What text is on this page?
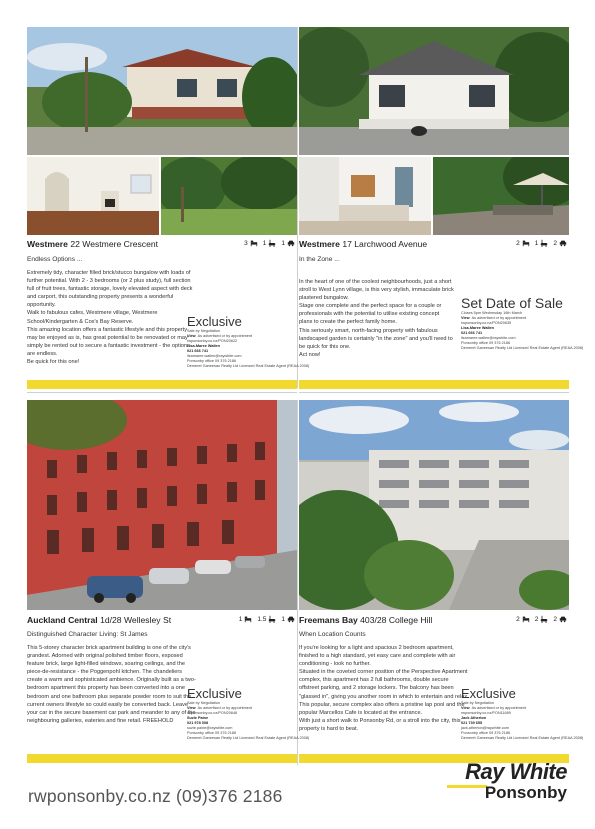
Westmere 22 Westmere Crescent	3 1 1
Endless Options ...

Extremely tidy, character filled brick/stucco bungalow with loads of further potential. With 2 - 3 bedrooms (or 2 plus study), full section full of fruit trees, fantastic storage, lovely elevated aspect with deck and carport, this outstanding property presents a wonderful opportunity.

Walk to fabulous cafes, Westmere village, Westmere School/Kindergarten & Cox's Bay Reserve.

This amazing location offers a fantastic lifestyle and this property may be enjoyed as is, has great potential to be renovated or may simply be rented out to secure a fantastic investment - the options are endless.

Be quick for this one!

Exclusive
Sale by Negotiation
View As advertised or by appointment
rwponsonby.co.nz/PON20622
Lisa-Maree Wallen
021 666 741
lisamaree.wallen@raywhite.com
Ponsonby office 09 376 2186
Demeret Ganeesan Realty Ltd Licensed Real Estate Agent (REAA 2008)
Westmere 17 Larchwood Avenue	2 1 2
In the Zone ...

In the heart of one of the coolest neighbourhoods, just a short stroll to West Lynn village, is this very stylish, immaculate brick plastered bungalow.

Stage one complete and the perfect space for a couple or professionals with the potential to utilise existing concept plans to create the perfect family home.

This seriously smart, north-facing property with fabulous landscaped garden is certainly "in the zone" and you'll need to be quick for this one.

Act now!

Set Date of Sale
Closes 5pm Wednesday 16th March
View As advertised or by appointment
rwponsonby.co.nz/PON20635
Lisa-Maree Wallen
021 666 741
lisamaree.wallen@raywhite.com
Ponsonby office 09 376 2186
Demeret Ganeesan Realty Ltd Licensed Real Estate Agent (REAA 2008)
Auckland Central 1d/28 Wellesley St	1 1.5 1
Distinguished Character Living: St James

This 5-storey character brick apartment building is one of the city's grandest. Adorned with original polished timber floors, exposed feature brick, large light-filled windows, soaring ceilings, and the piece-de-resistance - the Poggenpohl kitchen. The chandeliers create a warm and sophisticated ambience. Originally built as a two-bedroom apartment this property has been converted into a one bedroom and one bathroom plus separate powder room to suit the current owners lifestyle so could easily be converted back. Leave your car in the secure basement car park and meander to any of the neighbouring galleries, eateries and fine retail. FREEHOLD

Exclusive
Sale by Negotiation
View As advertised or by appointment
rwponsonby.co.nz/PON20646
Suzie Paine
021 978 008
suzie.paine@raywhite.com
Ponsonby office 09 376 2186
Demeret Ganeesan Realty Ltd Licensed Real Estate Agent (REAA 2008)
Freemans Bay 403/28 College Hill	2 2 2
When Location Counts

If you're looking for a light and spacious 2 bedroom apartment, finished to a high standard, yet easy care and complete with air conditioning - look no further.

Situated in the coveted corner position of the Perspective Apartment complex, this apartment has 2 full bathrooms, double secure offstreet parking, and 2 storage lockers. The balcony has been "glassed in", giving you another room in which to entertain and relax. This popular, secure complex also offers a pristine lap pool and the popular Marcellos Cafe is located at the entrance.

With just a short walk to Ponsonby Rd, or a stroll into the city, this property is hard to beat.

Exclusive
Sale by Negotiation
View As advertised or by appointment
rwponsonby.co.nz/PON11689
Jack Atherton
021 739 655
jack.atherton@raywhite.com
Ponsonby office 09 376 2186
Demeret Ganeesan Realty Ltd Licensed Real Estate Agent (REAA 2008)
rwponsonby.co.nz (09)376 2186
Ray White
Ponsonby
